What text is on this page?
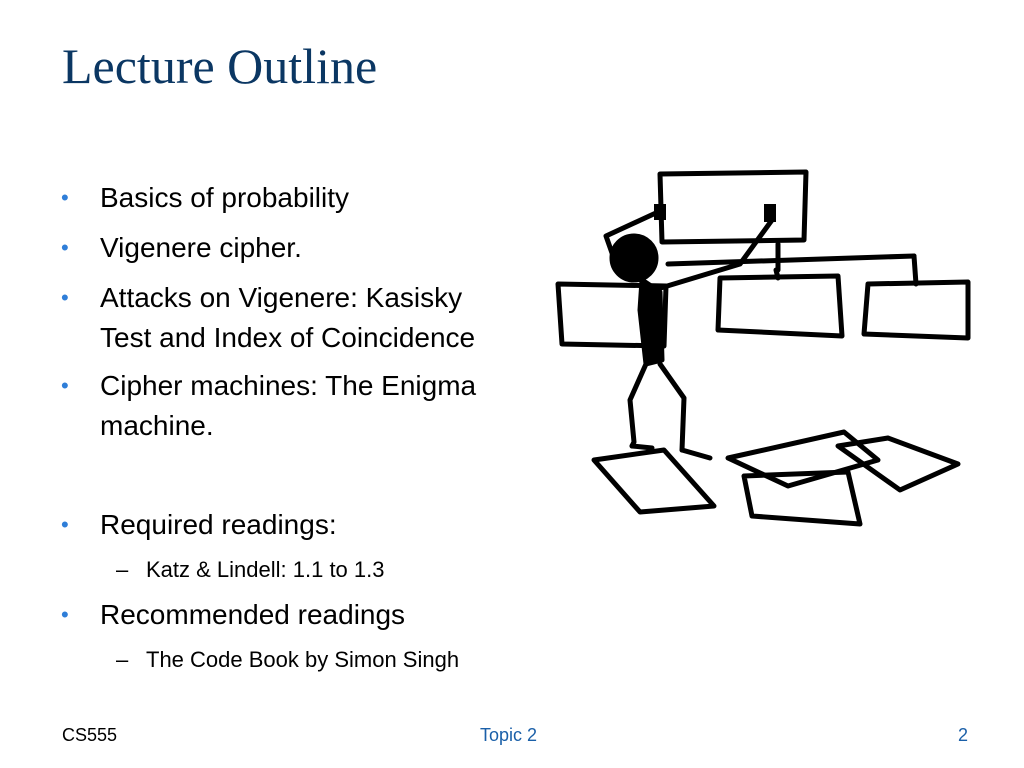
Lecture Outline
• Basics of probability
• Vigenere cipher.
• Attacks on Vigenere: Kasisky
Test and Index of Coincidence
• Cipher machines: The Enigma
machine.
• Required readings:
– Katz & Lindell: 1.1 to 1.3
• Recommended readings
– The Code Book by Simon Singh
CS555	Topic 2	2
